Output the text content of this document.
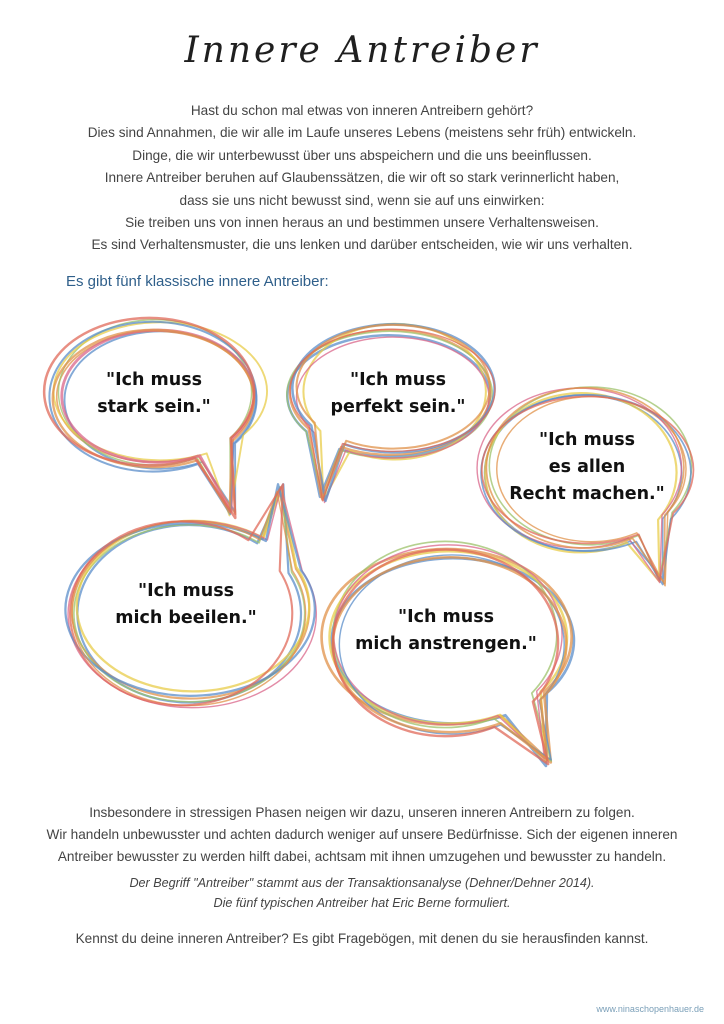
Innere Antreiber
Hast du schon mal etwas von inneren Antreibern gehört?
Dies sind Annahmen, die wir alle im Laufe unseres Lebens (meistens sehr früh) entwickeln.
Dinge, die wir unterbewusst über uns abspeichern und die uns beeinflussen.
Innere Antreiber beruhen auf Glaubenssätzen, die wir oft so stark verinnerlicht haben,
dass sie uns nicht bewusst sind, wenn sie auf uns einwirken:
Sie treiben uns von innen heraus an und bestimmen unsere Verhaltensweisen.
Es sind Verhaltensmuster, die uns lenken und darüber entscheiden, wie wir uns verhalten.
Es gibt fünf klassische innere Antreiber:
"Ich muss
stark sein."
"Ich muss
perfekt sein."
"Ich muss
es allen
Recht machen."
"Ich muss
mich beeilen."	"Ich muss
mich anstrengen."
Insbesondere in stressigen Phasen neigen wir dazu, unseren inneren Antreibern zu folgen.
Wir handeln unbewusster und achten dadurch weniger auf unsere Bedürfnisse. Sich der eigenen inneren
Antreiber bewusster zu werden hilft dabei, achtsam mit ihnen umzugehen und bewusster zu handeln.
Der Begriff "Antreiber" stammt aus der Transaktionsanalyse (Dehner/Dehner 2014).
Die fünf typischen Antreiber hat Eric Berne formuliert.
Kennst du deine inneren Antreiber? Es gibt Fragebögen, mit denen du sie herausfinden kannst.
www.ninaschopenhauer.de
